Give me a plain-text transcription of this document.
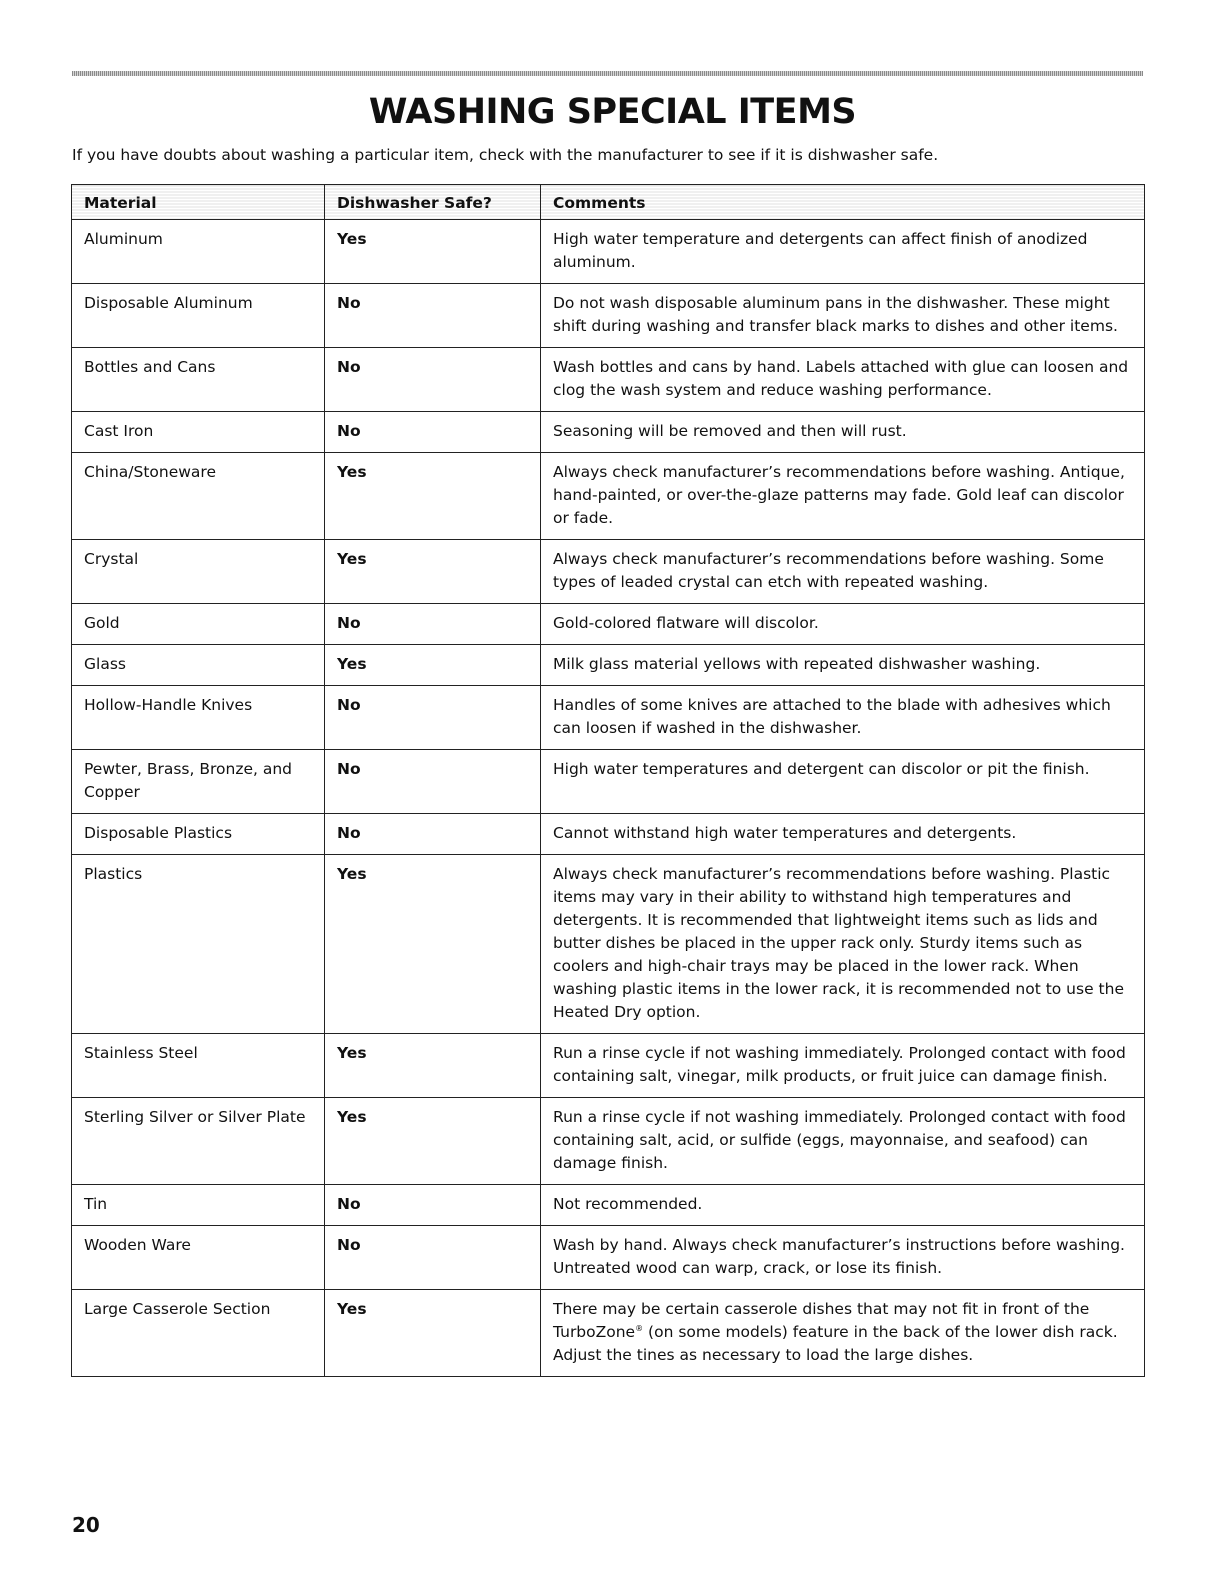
WASHING SPECIAL ITEMS
If you have doubts about washing a particular item, check with the manufacturer to see if it is dishwasher safe.
Material	Dishwasher Safe?	Comments
Aluminum	Yes	High water temperature and detergents can affect finish of anodized aluminum.
Disposable Aluminum	No	Do not wash disposable aluminum pans in the dishwasher. These might shift during washing and transfer black marks to dishes and other items.
Bottles and Cans	No	Wash bottles and cans by hand. Labels attached with glue can loosen and clog the wash system and reduce washing performance.
Cast Iron	No	Seasoning will be removed and then will rust.
China/Stoneware	Yes	Always check manufacturer’s recommendations before washing. Antique, hand-painted, or over-the-glaze patterns may fade. Gold leaf can discolor or fade.
Crystal	Yes	Always check manufacturer’s recommendations before washing. Some types of leaded crystal can etch with repeated washing.
Gold	No	Gold-colored flatware will discolor.
Glass	Yes	Milk glass material yellows with repeated dishwasher washing.
Hollow-Handle Knives	No	Handles of some knives are attached to the blade with adhesives which can loosen if washed in the dishwasher.
Pewter, Brass, Bronze, and Copper	No	High water temperatures and detergent can discolor or pit the finish.
Disposable Plastics	No	Cannot withstand high water temperatures and detergents.
Plastics	Yes	Always check manufacturer’s recommendations before washing. Plastic items may vary in their ability to withstand high temperatures and detergents. It is recommended that lightweight items such as lids and butter dishes be placed in the upper rack only. Sturdy items such as coolers and high-chair trays may be placed in the lower rack. When washing plastic items in the lower rack, it is recommended not to use the Heated Dry option.
Stainless Steel	Yes	Run a rinse cycle if not washing immediately. Prolonged contact with food containing salt, vinegar, milk products, or fruit juice can damage finish.
Sterling Silver or Silver Plate	Yes	Run a rinse cycle if not washing immediately. Prolonged contact with food containing salt, acid, or sulfide (eggs, mayonnaise, and seafood) can damage finish.
Tin	No	Not recommended.
Wooden Ware	No	Wash by hand. Always check manufacturer’s instructions before washing. Untreated wood can warp, crack, or lose its finish.
Large Casserole Section	Yes	There may be certain casserole dishes that may not fit in front of the TurboZone® (on some models) feature in the back of the lower dish rack. Adjust the tines as necessary to load the large dishes.
20
